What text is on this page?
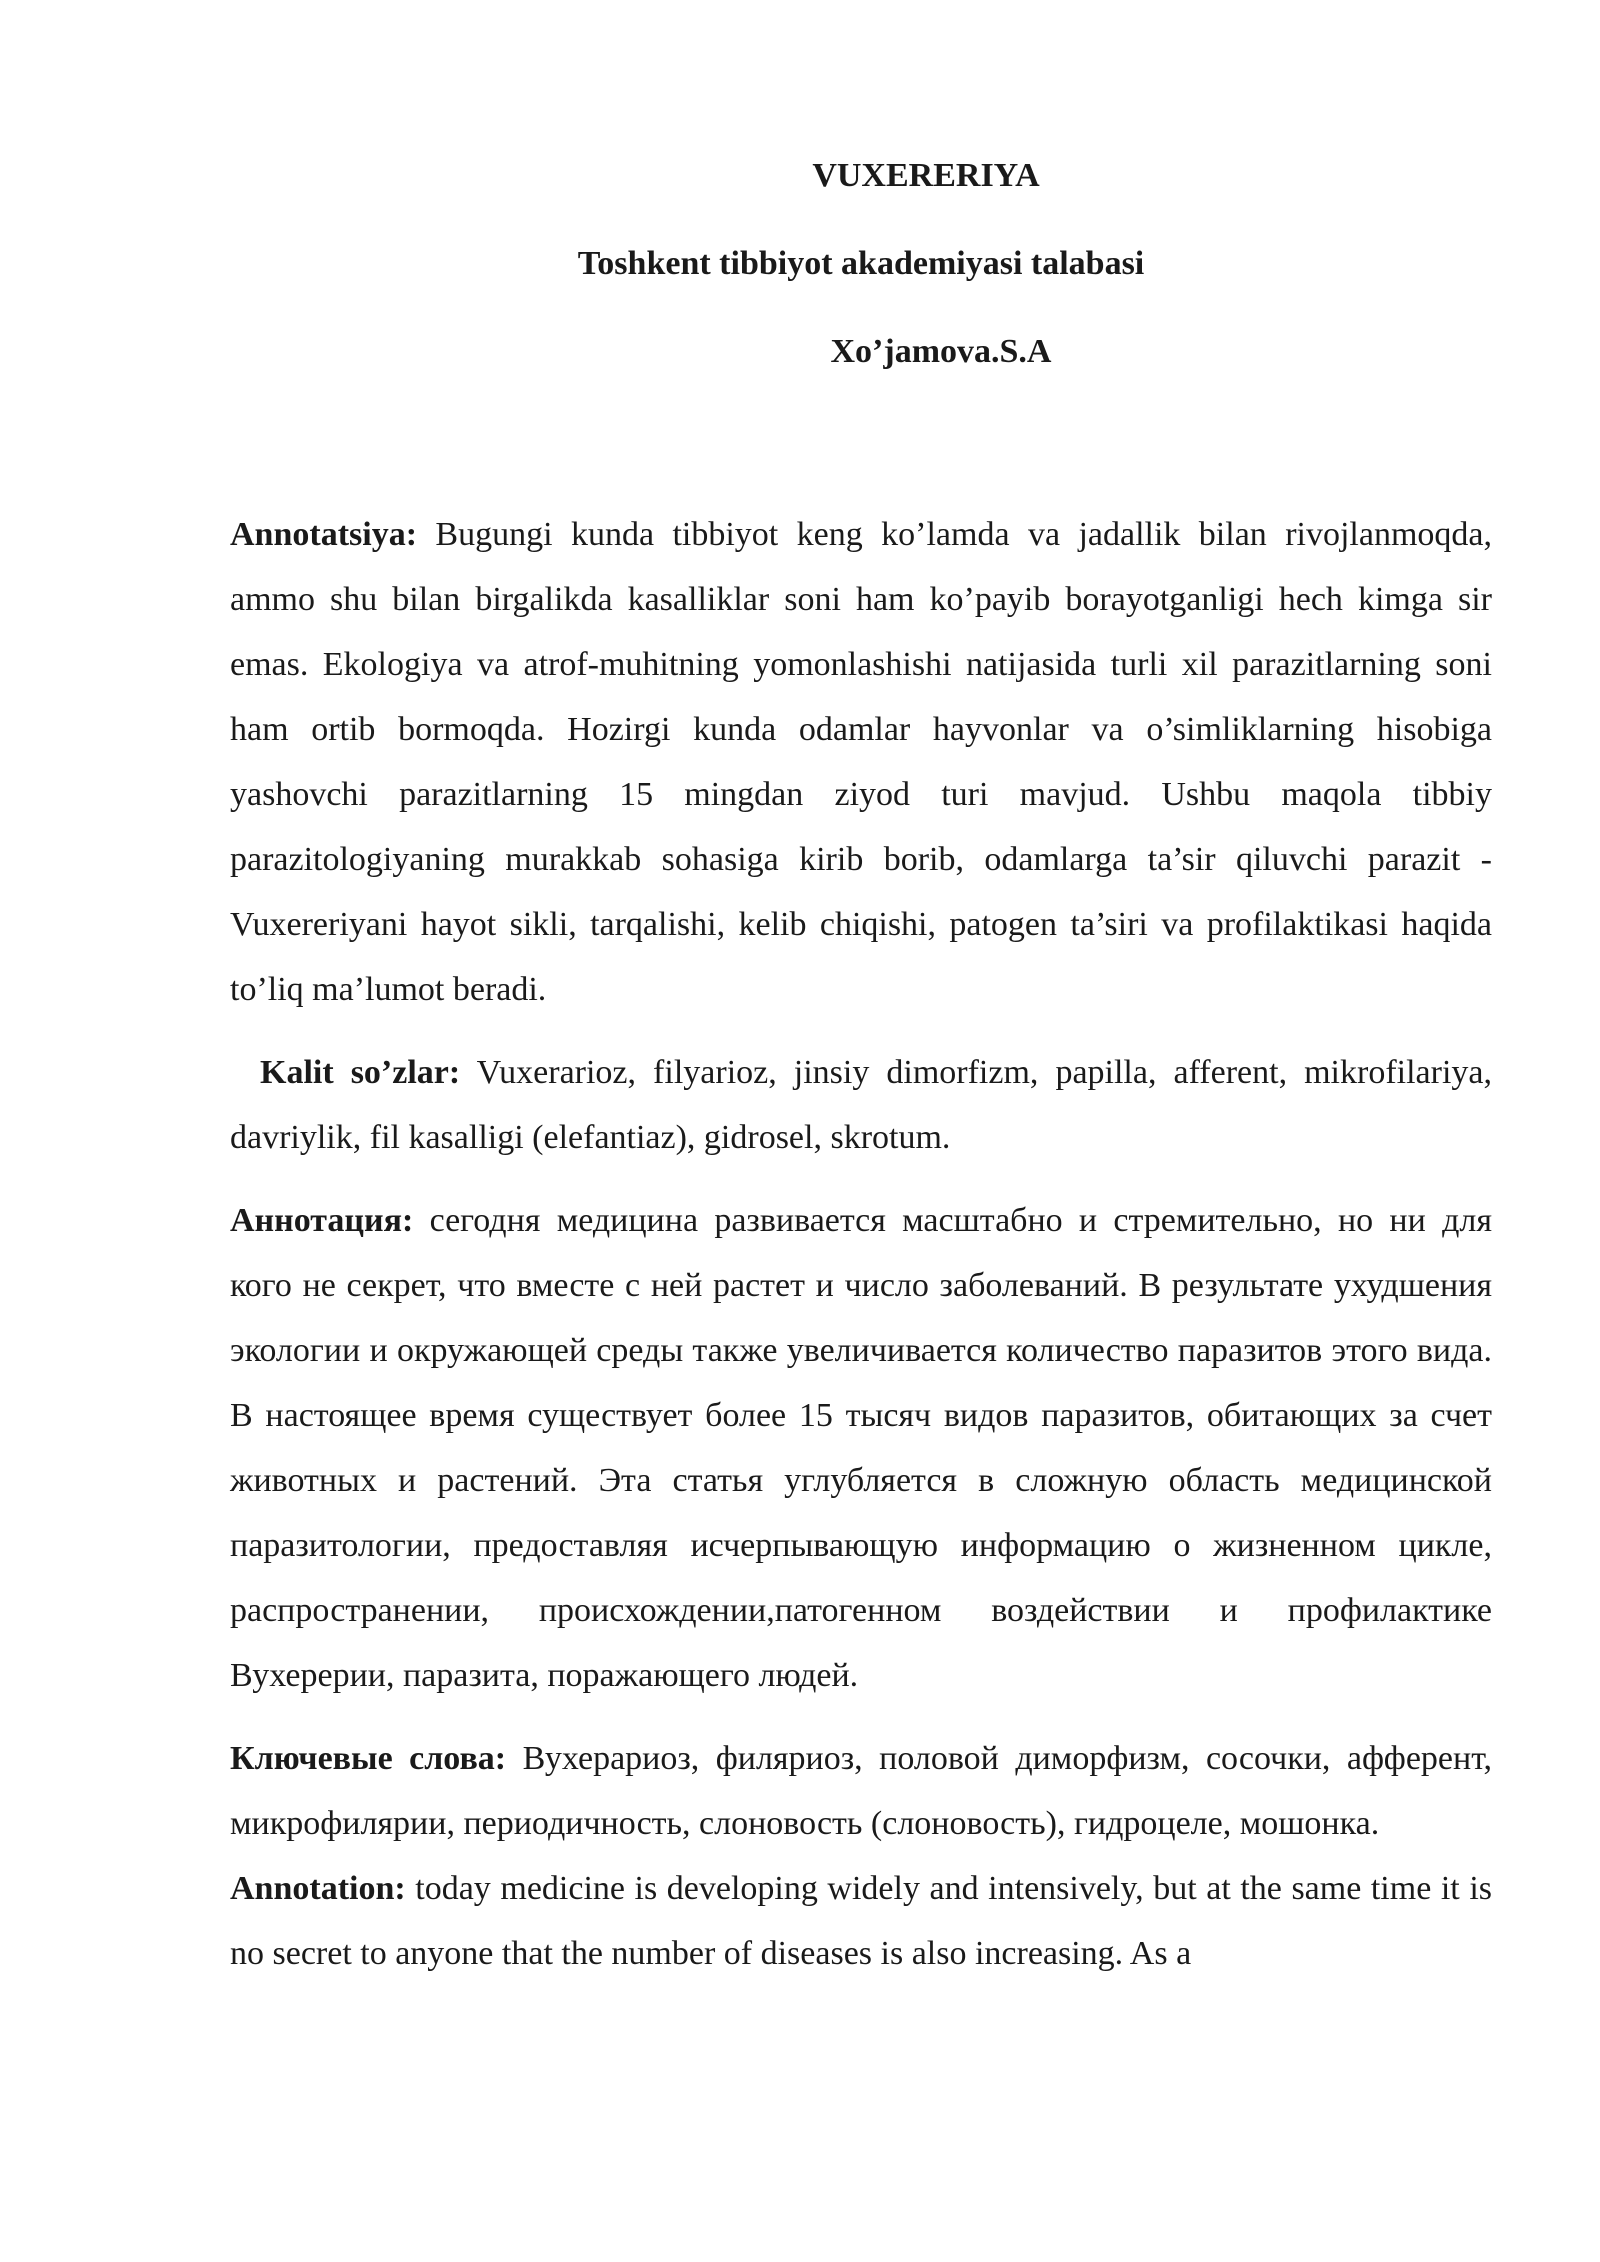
VUXERERIYA
Toshkent tibbiyot akademiyasi talabasi
Xo’jamova.S.A

Annotatsiya: Bugungi kunda tibbiyot keng ko’lamda va jadallik bilan rivojlanmoqda, ammo shu bilan birgalikda kasalliklar soni ham ko’payib borayotganligi hech kimga sir emas. Ekologiya va atrof-muhitning yomonlashishi natijasida turli xil parazitlarning soni ham ortib bormoqda. Hozirgi kunda odamlar hayvonlar va o’simliklarning hisobiga yashovchi parazitlarning 15 mingdan ziyod turi mavjud. Ushbu maqola tibbiy parazitologiyaning murakkab sohasiga kirib borib, odamlarga ta’sir qiluvchi parazit - Vuxereriyani hayot sikli, tarqalishi, kelib chiqishi, patogen ta’siri va profilaktikasi haqida to’liq ma’lumot beradi.

Kalit so’zlar: Vuxerarioz, filyarioz, jinsiy dimorfizm, papilla, afferent, mikrofilariya, davriylik, fil kasalligi (elefantiaz), gidrosel, skrotum.

Аннотация: сегодня медицина развивается масштабно и стремительно, но ни для кого не секрет, что вместе с ней растет и число заболеваний. В результате ухудшения экологии и окружающей среды также увеличивается количество паразитов этого вида. В настоящее время существует более 15 тысяч видов паразитов, обитающих за счет животных и растений. Эта статья углубляется в сложную область медицинской паразитологии, предоставляя исчерпывающую информацию о жизненном цикле, распространении, происхождении,патогенном воздействии и профилактике Вухерерии, паразита, поражающего людей.

Ключевые слова: Вухерариоз, филяриоз, половой диморфизм, сосочки, афферент, микрофилярии, периодичность, слоновость (слоновость), гидроцеле, мошонка.

Annotation: today medicine is developing widely and intensively, but at the same time it is no secret to anyone that the number of diseases is also increasing. As a
